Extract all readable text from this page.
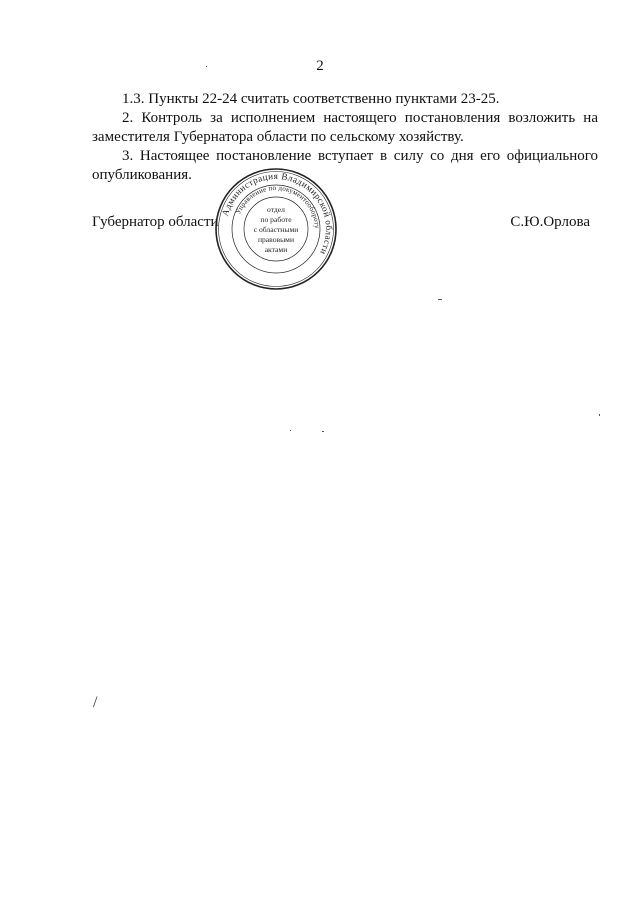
2

1.3. Пункты 22-24 считать соответственно пунктами 23-25.

2. Контроль за исполнением настоящего постановления возложить на заместителя Губернатора области по сельскому хозяйству.

3. Настоящее постановление вступает в силу со дня его официального опубликования.

Губернатор области	С.Ю.Орлова
Администрация Владимирской области
Управление по документообороту
отдел
по работе
с областными
правовыми
актами
/
